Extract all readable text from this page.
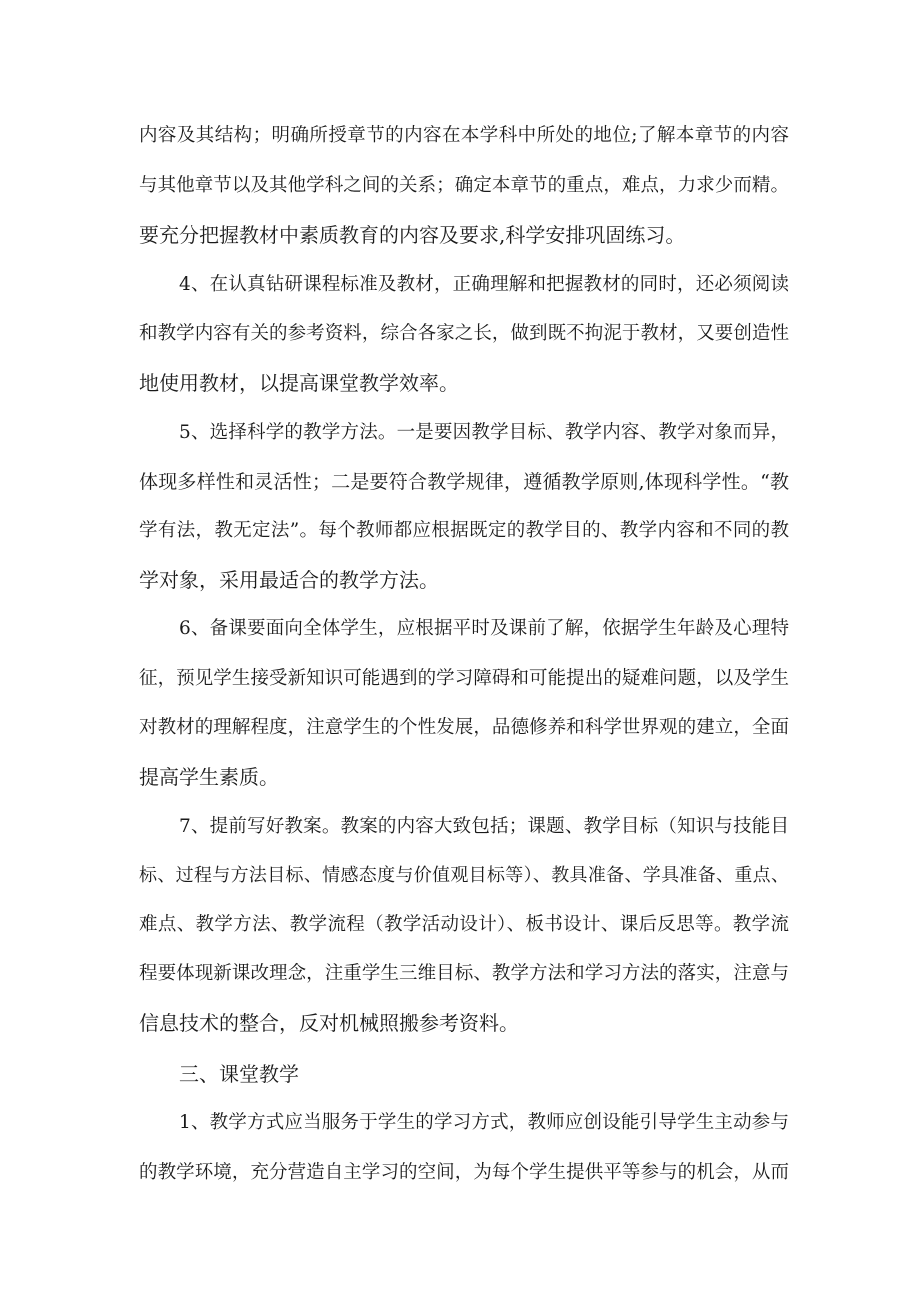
内容及其结构；明确所授章节的内容在本学科中所处的地位;了解本章节的内容
与其他章节以及其他学科之间的关系；确定本章节的重点，难点，力求少而精。
要充分把握教材中素质教育的内容及要求,科学安排巩固练习。
4、在认真钻研课程标准及教材，正确理解和把握教材的同时，还必须阅读
和教学内容有关的参考资料，综合各家之长，做到既不拘泥于教材，又要创造性
地使用教材，以提高课堂教学效率。
5、选择科学的教学方法。一是要因教学目标、教学内容、教学对象而异，
体现多样性和灵活性；二是要符合教学规律，遵循教学原则,体现科学性。“教
学有法，教无定法”。每个教师都应根据既定的教学目的、教学内容和不同的教
学对象，采用最适合的教学方法。
6、备课要面向全体学生，应根据平时及课前了解，依据学生年龄及心理特
征，预见学生接受新知识可能遇到的学习障碍和可能提出的疑难问题，以及学生
对教材的理解程度，注意学生的个性发展，品德修养和科学世界观的建立，全面
提高学生素质。
7、提前写好教案。教案的内容大致包括；课题、教学目标（知识与技能目
标、过程与方法目标、情感态度与价值观目标等）、教具准备、学具准备、重点、
难点、教学方法、教学流程（教学活动设计）、板书设计、课后反思等。教学流
程要体现新课改理念，注重学生三维目标、教学方法和学习方法的落实，注意与
信息技术的整合，反对机械照搬参考资料。
三、课堂教学
1、教学方式应当服务于学生的学习方式，教师应创设能引导学生主动参与
的教学环境，充分营造自主学习的空间，为每个学生提供平等参与的机会，从而
